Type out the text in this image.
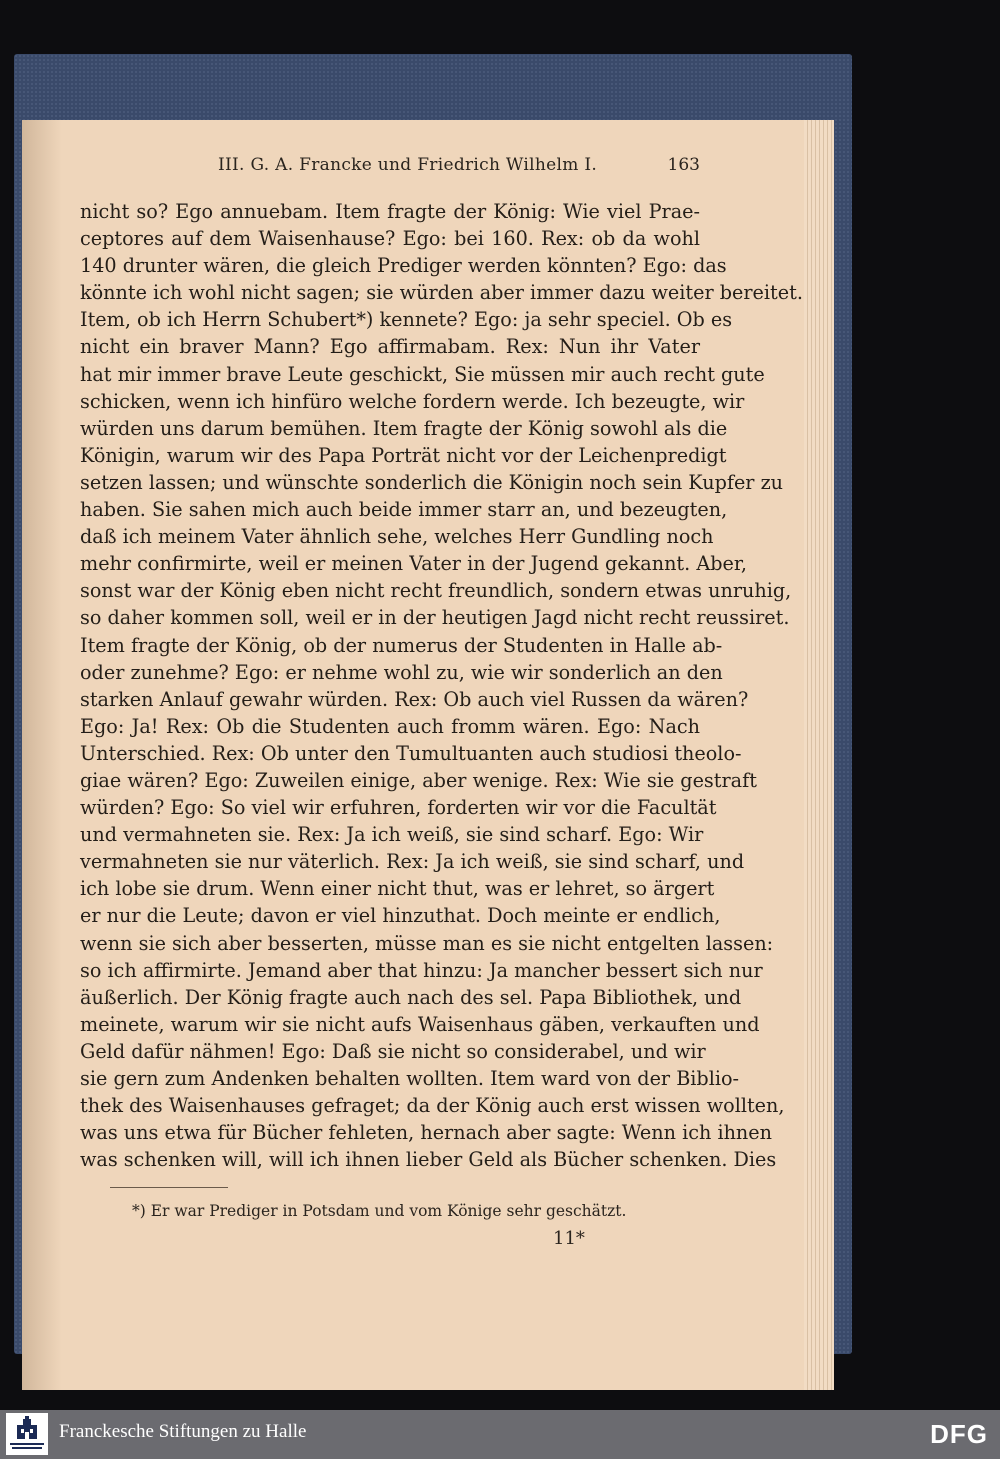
III. G. A. Francke und Friedrich Wilhelm I.	163
nicht so? Ego annuebam. Item fragte der König: Wie viel Prae-
ceptores auf dem Waisenhause? Ego: bei 160. Rex: ob da wohl
140 drunter wären, die gleich Prediger werden könnten? Ego: das
könnte ich wohl nicht sagen; sie würden aber immer dazu weiter bereitet.
Item, ob ich Herrn Schubert*) kennete? Ego: ja sehr speciel. Ob es
nicht ein braver Mann? Ego affirmabam. Rex: Nun ihr Vater
hat mir immer brave Leute geschickt, Sie müssen mir auch recht gute
schicken, wenn ich hinfüro welche fordern werde. Ich bezeugte, wir
würden uns darum bemühen. Item fragte der König sowohl als die
Königin, warum wir des Papa Porträt nicht vor der Leichenpredigt
setzen lassen; und wünschte sonderlich die Königin noch sein Kupfer zu
haben. Sie sahen mich auch beide immer starr an, und bezeugten,
daß ich meinem Vater ähnlich sehe, welches Herr Gundling noch
mehr confirmirte, weil er meinen Vater in der Jugend gekannt. Aber,
sonst war der König eben nicht recht freundlich, sondern etwas unruhig,
so daher kommen soll, weil er in der heutigen Jagd nicht recht reussiret.
Item fragte der König, ob der numerus der Studenten in Halle ab-
oder zunehme? Ego: er nehme wohl zu, wie wir sonderlich an den
starken Anlauf gewahr würden. Rex: Ob auch viel Russen da wären?
Ego: Ja! Rex: Ob die Studenten auch fromm wären. Ego: Nach
Unterschied. Rex: Ob unter den Tumultuanten auch studiosi theolo-
giae wären? Ego: Zuweilen einige, aber wenige. Rex: Wie sie gestraft
würden? Ego: So viel wir erfuhren, forderten wir vor die Facultät
und vermahneten sie. Rex: Ja ich weiß, sie sind scharf. Ego: Wir
vermahneten sie nur väterlich. Rex: Ja ich weiß, sie sind scharf, und
ich lobe sie drum. Wenn einer nicht thut, was er lehret, so ärgert
er nur die Leute; davon er viel hinzuthat. Doch meinte er endlich,
wenn sie sich aber besserten, müsse man es sie nicht entgelten lassen:
so ich affirmirte. Jemand aber that hinzu: Ja mancher bessert sich nur
äußerlich. Der König fragte auch nach des sel. Papa Bibliothek, und
meinete, warum wir sie nicht aufs Waisenhaus gäben, verkauften und
Geld dafür nähmen! Ego: Daß sie nicht so considerabel, und wir
sie gern zum Andenken behalten wollten. Item ward von der Biblio-
thek des Waisenhauses gefraget; da der König auch erst wissen wollten,
was uns etwa für Bücher fehleten, hernach aber sagte: Wenn ich ihnen
was schenken will, will ich ihnen lieber Geld als Bücher schenken. Dies
*) Er war Prediger in Potsdam und vom Könige sehr geschätzt.
11*
Franckesche Stiftungen zu Halle	DFG
